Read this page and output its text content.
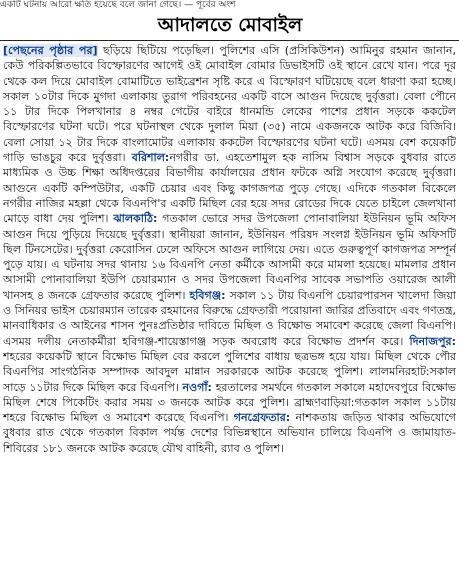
একটি ঘটনায় আরো ক্ষতি হয়েছে বলে জানা গেছে। — পূর্বের অংশ
আদালতে মোবাইল

[পেছনের পৃষ্ঠার পর] ছড়িয়ে ছিটিয়ে পড়েছিল। পুলিশের এসি (প্রসিকিউশন) আমিনুর রহমান জানান, কেউ পরিকল্পিতভাবে বিস্ফোরণের আগেই ওই মোবাইল বোমার ডিভাইসটি ওই স্থানে রেখে যান। পরে দূর থেকে কল দিয়ে মোবাইল বোমাটিতে ভাইব্রেশন সৃষ্টি করে এ বিস্ফোরণ ঘটিয়েছে বলে ধারণা করা হচ্ছে। সকাল ১০টার দিকে মুগদা এলাকায় তুরাগ পরিবহনের একটি বাসে আগুন দিয়েছে দুর্বৃত্তরা। বেলা পৌনে ১১ টার দিকে পিলখানার ৪ নম্বর গেটের বাইরে ধানমন্ডি লেকের পাশের প্রধান সড়কে ককটেল বিস্ফোরণের ঘটনা ঘটে। পরে ঘটনাস্থল থেকে দুলাল মিয়া (৩৫) নামে একজনকে আটক করে বিজিবি। বেলা সোয়া ১২ টার দিকে বাংলামোটর এলাকায় ককটেল বিস্ফোরণের ঘটনা ঘটে। এসময় বেশ কয়েকটি গাড়ি ভাঙচুর করে দুর্বৃত্তরা। বরিশাল:নগরীর ডা. এহতেশামুল হক নাসিম বিশ্বাস সড়কে বুধবার রাতে মাধ্যমিক ও উচ্চ শিক্ষা অধিদপ্তরের বিভাগীয় কার্যালয়ের প্রধান ফটকে অগ্নি সংযোগ করেছে দুর্বৃত্তরা। আগুনে একটি কম্পিউটার, একটি চেয়ার এবং কিছু কাগজপত্র পুড়ে গেছে। এদিকে গতকাল বিকেলে নগরীর নাজির মহল্লা থেকে বিএনপি'র একটি মিছিল বের হয়ে সদর রোডের দিকে যেতে চাইলে জেলখানা মোড়ে বাধা দেয় পুলিশ। ঝালকাঠি: গতকাল ভোরে সদর উপজেলা পোনাবালিয়া ইউনিয়ন ভূমি অফিস আগুন দিয়ে পুড়িয়ে দিয়েছে দুর্বৃত্তরা। স্থানীয়রা জানান, ইউনিয়ন পরিষদ সংলগ্ন ইউনিয়ন ভূমি অফিসটি ছিল টিনসেটের। দুর্বৃত্তরা কেরোসিন ঢেলে অফিসে আগুন লাগিয়ে দেয়। এতে গুরুত্বপূর্ণ কাগজপত্র সম্পূর্ন পুড়ে যায়। এ ঘটনায় সদর থানায় ১৬ বিএনপি নেতা কর্মীকে আসামী করে মামলা হয়েছে। মামলার প্রধান আসামী পোনাবালিয়া ইউপি চেয়ারম্যান ও সদর উপজেলা বিএনপির সাবেক সভাপতি ওয়ারেজ আলী খানসহ ৪ জনকে গ্রেফতার করেছে পুলিশ। হবিগঞ্জ: সকাল ১১ টায় বিএনপি চেয়ারপারসন খালেদা জিয়া ও সিনিয়র ভাইস চেয়ারম্যান তারেক রহমানের বিরুদ্ধে গ্রেফতারী পরোয়ানা জারির প্রতিবাদে এবং গণতন্ত্র, মানবাধিকার ও আইনের শাসন পুনঃপ্রতিষ্ঠার দাবিতে মিছিল ও বিক্ষোভ সমাবেশ করেছে জেলা বিএনপি। এসময় দলীয় নেতাকর্মীরা হবিগঞ্জ-শায়েস্তাগঞ্জ সড়ক অবরোধ করে বিক্ষোভ প্রদর্শন করে। দিনাজপুর: শহরের কয়েকটি স্থানে বিক্ষোভ মিছিল বের করলে পুলিশের বাধায় ছত্রভঙ্গ হয়ে যায়। মিছিল থেকে পৌর বিএনপির সাংগঠনিক সম্পাদক আবদুল মান্নান সরকারকে আটক করেছে পুলিশ। লালমনিরহাট:সকাল সাড়ে ১১টার দিকে মিছিল করে বিএনপি। নওগাঁ: হরতালের সমর্থনে গতকাল সকালে মহাদেবপুরে বিক্ষোভ মিছিল শেষে পিকেটিং করার সময় ৩ জনকে আটক করে পুলিশ। ব্রাহ্মণবাড়িয়া:গতকাল সকাল ১১টায় শহরে বিক্ষোভ মিছিল ও সমাবেশ করেছে বিএনপি। গনগ্রেফতার: নাশকতায় জড়িত থাকার অভিযোগে বুধবার রাত থেকে গতকাল বিকাল পর্যন্ত দেশের বিভিন্নস্থানে অভিযান চালিয়ে বিএনপি ও জামায়াত-শিবিরের ১৮১ জনকে আটক করেছে যৌথ বাহিনী, র‌্যাব ও পুলিশ।
